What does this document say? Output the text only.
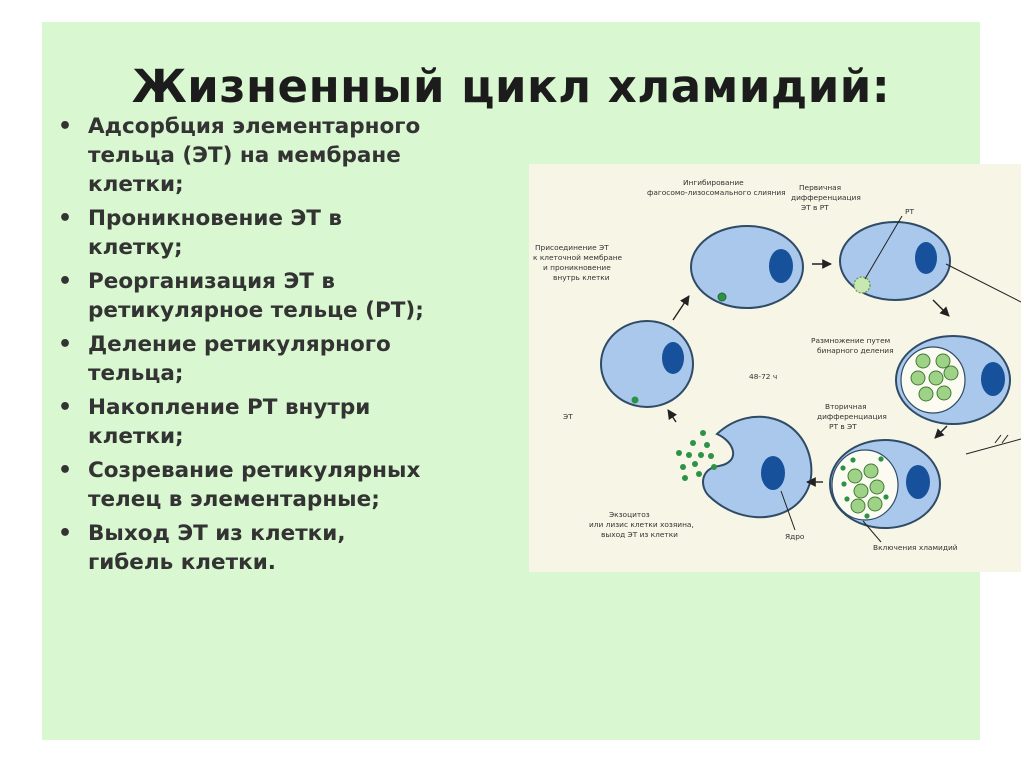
Жизненный цикл хламидий:
• Адсорбция элементарного
тельца (ЭТ) на мембране
клетки;
• Проникновение ЭТ в
клетку;
• Реорганизация ЭТ в
ретикулярное тельце (РТ);
• Деление ретикулярного
тельца;
• Накопление РТ внутри
клетки;
• Созревание ретикулярных
телец в элементарные;
• Выход ЭТ из клетки,
гибель клетки.
Ингибирование
фагосомо-лизосомального слияния
Первичная
дифференциация
ЭТ в РТ	РТ
Присоединение ЭТ
к клеточной мембране
и проникновение
внутрь клетки
Размножение путем
бинарного деления
48-72 ч
ЭТ
Вторичная
дифференциация
РТ в ЭТ
Экзоцитоз
или лизис клетки хозяина,
выход ЭТ из клетки	Ядро
Включения хламидий
